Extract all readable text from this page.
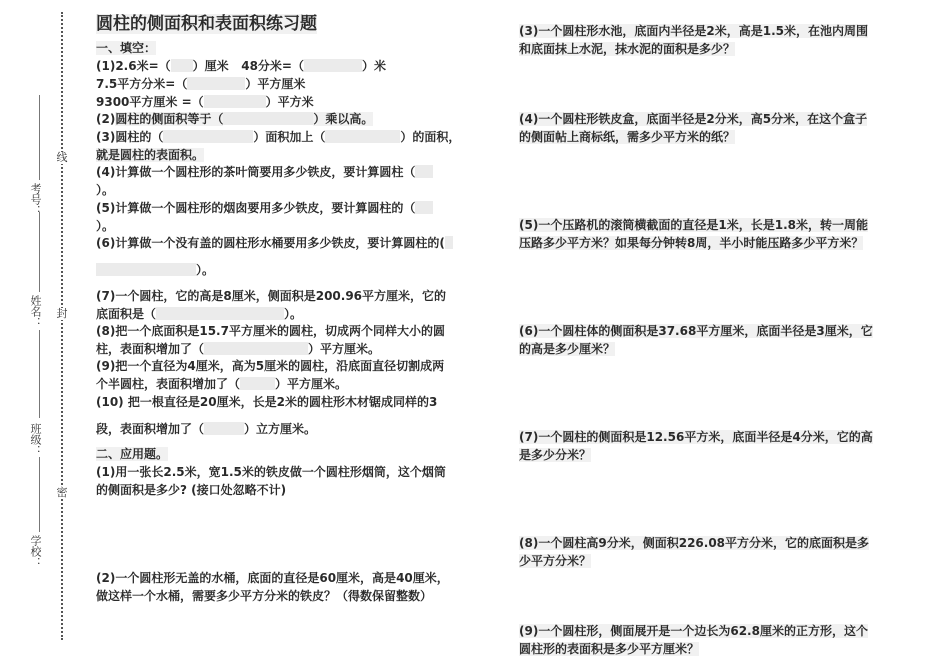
考号：
姓名：
班级：
学校：
线
封
密
圆柱的侧面积和表面积练习题
一、填空：
(1)2.6米=（ ）厘米 48分米=（	）米
7.5平方分米=（	）平方厘米
9300平方厘米 =（	）平方米
(2)圆柱的侧面积等于（	）乘以高。
(3)圆柱的（	）面积加上（	）的面积，
就是圆柱的表面积。
(4)计算做一个圆柱形的茶叶筒要用多少铁皮，要计算圆柱（
）。
(5)计算做一个圆柱形的烟囱要用多少铁皮，要计算圆柱的（
）。
(6)计算做一个没有盖的圆柱形水桶要用多少铁皮，要计算圆柱的(
）。
(7)一个圆柱，它的高是8厘米，侧面积是200.96平方厘米，它的
底面积是（	）。
(8)把一个底面积是15.7平方厘米的圆柱，切成两个同样大小的圆
柱，表面积增加了（	）平方厘米。
(9)把一个直径为4厘米，高为5厘米的圆柱，沿底面直径切割成两
个半圆柱，表面积增加了（	）平方厘米。
(10) 把一根直径是20厘米，长是2米的圆柱形木材锯成同样的3
段，表面积增加了（	）立方厘米。
二、应用题。
(1)用一张长2.5米，宽1.5米的铁皮做一个圆柱形烟筒，这个烟筒
的侧面积是多少? (接口处忽略不计)
(2)一个圆柱形无盖的水桶，底面的直径是60厘米，高是40厘米，
做这样一个水桶，需要多少平方分米的铁皮？（得数保留整数）
(3)一个圆柱形水池，底面内半径是2米，高是1.5米，在池内周围
和底面抹上水泥，抹水泥的面积是多少？
(4)一个圆柱形铁皮盒，底面半径是2分米，高5分米，在这个盒子
的侧面帖上商标纸，需多少平方米的纸？
(5)一个压路机的滚筒横截面的直径是1米，长是1.8米，转一周能
压路多少平方米？如果每分钟转8周，半小时能压路多少平方米？
(6)一个圆柱体的侧面积是37.68平方厘米，底面半径是3厘米，它
的高是多少厘米？
(7)一个圆柱的侧面积是12.56平方米，底面半径是4分米，它的高
是多少分米？
(8)一个圆柱高9分米，侧面积226.08平方分米，它的底面积是多
少平方分米？
(9)一个圆柱形，侧面展开是一个边长为62.8厘米的正方形，这个
圆柱形的表面积是多少平方厘米？
